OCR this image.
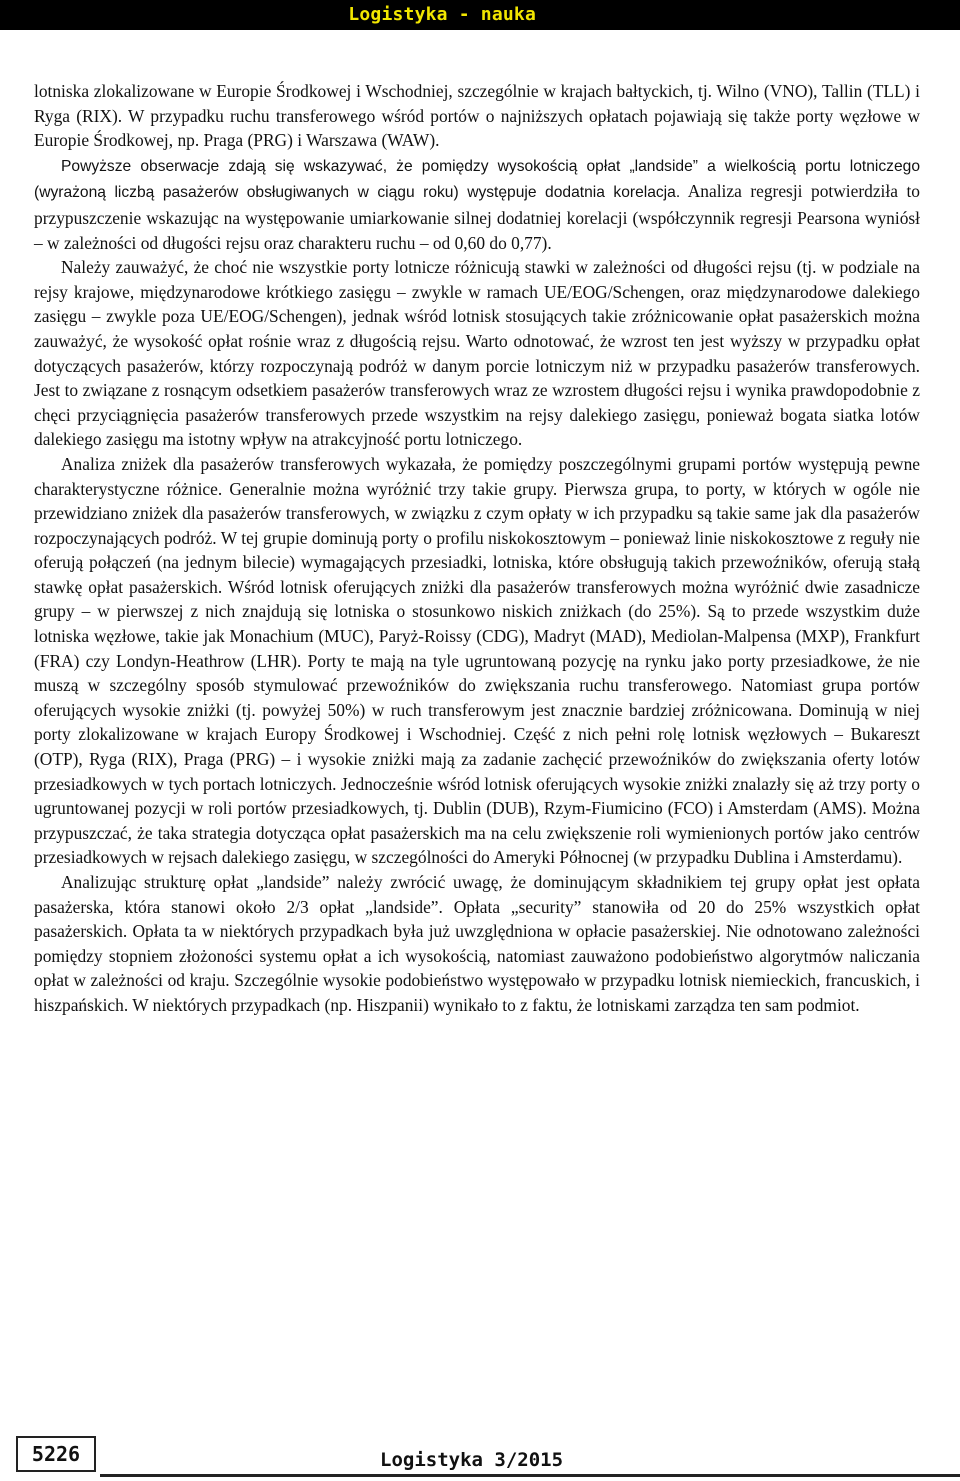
Logistyka - nauka

lotniska zlokalizowane w Europie Środkowej i Wschodniej, szczególnie w krajach bałtyckich, tj. Wilno (VNO), Tallin (TLL) i Ryga (RIX). W przypadku ruchu transferowego wśród portów o najniższych opłatach pojawiają się także porty węzłowe w Europie Środkowej, np. Praga (PRG) i Warszawa (WAW).

Powyższe obserwacje zdają się wskazywać, że pomiędzy wysokością opłat „landside” a wielkością portu lotniczego (wyrażoną liczbą pasażerów obsługiwanych w ciągu roku) występuje dodatnia korelacja. Analiza regresji potwierdziła to przypuszczenie wskazując na występowanie umiarkowanie silnej dodatniej korelacji (współczynnik regresji Pearsona wyniósł – w zależności od długości rejsu oraz charakteru ruchu – od 0,60 do 0,77).

Należy zauważyć, że choć nie wszystkie porty lotnicze różnicują stawki w zależności od długości rejsu (tj. w podziale na rejsy krajowe, międzynarodowe krótkiego zasięgu – zwykle w ramach UE/EOG/Schengen, oraz międzynarodowe dalekiego zasięgu – zwykle poza UE/EOG/Schengen), jednak wśród lotnisk stosujących takie zróżnicowanie opłat pasażerskich można zauważyć, że wysokość opłat rośnie wraz z długością rejsu. Warto odnotować, że wzrost ten jest wyższy w przypadku opłat dotyczących pasażerów, którzy rozpoczynają podróż w danym porcie lotniczym niż w przypadku pasażerów transferowych. Jest to związane z rosnącym odsetkiem pasażerów transferowych wraz ze wzrostem długości rejsu i wynika prawdopodobnie z chęci przyciągnięcia pasażerów transferowych przede wszystkim na rejsy dalekiego zasięgu, ponieważ bogata siatka lotów dalekiego zasięgu ma istotny wpływ na atrakcyjność portu lotniczego.

Analiza zniżek dla pasażerów transferowych wykazała, że pomiędzy poszczególnymi grupami portów występują pewne charakterystyczne różnice. Generalnie można wyróżnić trzy takie grupy. Pierwsza grupa, to porty, w których w ogóle nie przewidziano zniżek dla pasażerów transferowych, w związku z czym opłaty w ich przypadku są takie same jak dla pasażerów rozpoczynających podróż. W tej grupie dominują porty o profilu niskokosztowym – ponieważ linie niskokosztowe z reguły nie oferują połączeń (na jednym bilecie) wymagających przesiadki, lotniska, które obsługują takich przewoźników, oferują stałą stawkę opłat pasażerskich. Wśród lotnisk oferujących zniżki dla pasażerów transferowych można wyróżnić dwie zasadnicze grupy – w pierwszej z nich znajdują się lotniska o stosunkowo niskich zniżkach (do 25%). Są to przede wszystkim duże lotniska węzłowe, takie jak Monachium (MUC), Paryż-Roissy (CDG), Madryt (MAD), Mediolan-Malpensa (MXP), Frankfurt (FRA) czy Londyn-Heathrow (LHR). Porty te mają na tyle ugruntowaną pozycję na rynku jako porty przesiadkowe, że nie muszą w szczególny sposób stymulować przewoźników do zwiększania ruchu transferowego. Natomiast grupa portów oferujących wysokie zniżki (tj. powyżej 50%) w ruch transferowym jest znacznie bardziej zróżnicowana. Dominują w niej porty zlokalizowane w krajach Europy Środkowej i Wschodniej. Część z nich pełni rolę lotnisk węzłowych – Bukareszt (OTP), Ryga (RIX), Praga (PRG) – i wysokie zniżki mają za zadanie zachęcić przewoźników do zwiększania oferty lotów przesiadkowych w tych portach lotniczych. Jednocześnie wśród lotnisk oferujących wysokie zniżki znalazły się aż trzy porty o ugruntowanej pozycji w roli portów przesiadkowych, tj. Dublin (DUB), Rzym-Fiumicino (FCO) i Amsterdam (AMS). Można przypuszczać, że taka strategia dotycząca opłat pasażerskich ma na celu zwiększenie roli wymienionych portów jako centrów przesiadkowych w rejsach dalekiego zasięgu, w szczególności do Ameryki Północnej (w przypadku Dublina i Amsterdamu).

Analizując strukturę opłat „landside” należy zwrócić uwagę, że dominującym składnikiem tej grupy opłat jest opłata pasażerska, która stanowi około 2/3 opłat „landside”. Opłata „security” stanowiła od 20 do 25% wszystkich opłat pasażerskich. Opłata ta w niektórych przypadkach była już uwzględniona w opłacie pasażerskiej. Nie odnotowano zależności pomiędzy stopniem złożoności systemu opłat a ich wysokością, natomiast zauważono podobieństwo algorytmów naliczania opłat w zależności od kraju. Szczególnie wysokie podobieństwo występowało w przypadku lotnisk niemieckich, francuskich, i hiszpańskich. W niektórych przypadkach (np. Hiszpanii) wynikało to z faktu, że lotniskami zarządza ten sam podmiot.

5226	Logistyka 3/2015
